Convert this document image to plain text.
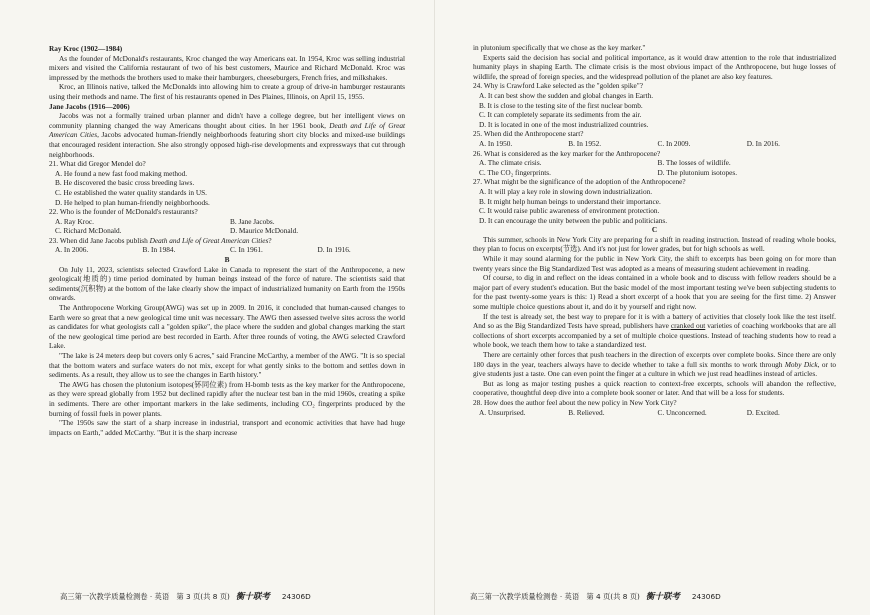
Ray Kroc (1902—1984)

As the founder of McDonald's restaurants, Kroc changed the way Americans eat. In 1954, Kroc was selling industrial mixers and visited the California restaurant of two of his best customers, Maurice and Richard McDonald. Kroc was impressed by the methods the brothers used to make their hamburgers, cheeseburgers, French fries, and milkshakes.

Kroc, an Illinois native, talked the McDonalds into allowing him to create a group of drive-in hamburger restaurants using their methods and name. The first of his restaurants opened in Des Plaines, Illinois, on April 15, 1955.

Jane Jacobs (1916—2006)

Jacobs was not a formally trained urban planner and didn't have a college degree, but her intelligent views on community planning changed the way Americans thought about cities. In her 1961 book, Death and Life of Great American Cities, Jacobs advocated human-friendly neighborhoods featuring short city blocks and mixed-use buildings that encouraged resident interaction. She also strongly opposed high-rise developments and expressways that cut through neighborhoods.

21. What did Gregor Mendel do?

A. He found a new fast food making method.

B. He discovered the basic cross breeding laws.

C. He established the water quality standards in US.

D. He helped to plan human-friendly neighborhoods.

22. Who is the founder of McDonald's restaurants?

A. Ray Kroc.	B. Jane Jacobs.
C. Richard McDonald.	D. Maurice McDonald.

23. When did Jane Jacobs publish Death and Life of Great American Cities?

A. In 2006.	B. In 1984.	C. In 1961.	D. In 1916.

B

On July 11, 2023, scientists selected Crawford Lake in Canada to represent the start of the Anthropocene, a new geological(地质的) time period dominated by human beings instead of the force of nature. The scientists said that sediments(沉积物) at the bottom of the lake clearly show the impact of industrialized humanity on Earth from the 1950s onwards.

The Anthropocene Working Group(AWG) was set up in 2009. In 2016, it concluded that human-caused changes to Earth were so great that a new geological time unit was necessary. The AWG then assessed twelve sites across the world as candidates for what geologists call a "golden spike", the place where the sudden and global changes marking the start of the new geological time period are best recorded in Earth. After three rounds of voting, the AWG selected Crawford Lake.

"The lake is 24 meters deep but covers only 6 acres," said Francine McCarthy, a member of the AWG. "It is so special that the bottom waters and surface waters do not mix, except for what gently sinks to the bottom and settles down in sediments. As a result, they allow us to see the changes in Earth history."

The AWG has chosen the plutonium isotopes(钚同位素) from H-bomb tests as the key marker for the Anthropocene, as they were spread globally from 1952 but declined rapidly after the nuclear test ban in the mid 1960s, creating a spike in sediments. There are other important markers in the lake sediments, including CO₂ fingerprints produced by the burning of fossil fuels in power plants.

"The 1950s saw the start of a sharp increase in industrial, transport and economic activities that have had huge impacts on Earth," added McCarthy. "But it is the sharp increase

高三第一次教学质量检测卷 · 英语　第 3 页(共 8 页) 衡十联考 24306D

in plutonium specifically that we chose as the key marker."

Experts said the decision has social and political importance, as it would draw attention to the role that industrialized humanity plays in shaping Earth. The climate crisis is the most obvious impact of the Anthropocene, but huge losses of wildlife, the spread of foreign species, and the widespread pollution of the planet are also key features.

24. Why is Crawford Lake selected as the "golden spike"?

A. It can best show the sudden and global changes in Earth.

B. It is close to the testing site of the first nuclear bomb.

C. It can completely separate its sediments from the air.

D. It is located in one of the most industrialized countries.

25. When did the Anthropocene start?

A. In 1950.	B. In 1952.	C. In 2009.	D. In 2016.

26. What is considered as the key marker for the Anthropocene?

A. The climate crisis.	B. The losses of wildlife.
C. The CO₂ fingerprints.	D. The plutonium isotopes.

27. What might be the significance of the adoption of the Anthropocene?

A. It will play a key role in slowing down industrialization.

B. It might help human beings to understand their importance.

C. It would raise public awareness of environment protection.

D. It can encourage the unity between the public and politicians.

C

This summer, schools in New York City are preparing for a shift in reading instruction. Instead of reading whole books, they plan to focus on excerpts(节选). And it's not just for lower grades, but for high schools as well.

While it may sound alarming for the public in New York City, the shift to excerpts has been going on for more than twenty years since the Big Standardized Test was adopted as a means of measuring student achievement in reading.

Of course, to dig in and reflect on the ideas contained in a whole book and to discuss with fellow readers should be a major part of every student's education. But the basic model of the most important testing we've been subjecting students to for the past twenty-some years is this: 1) Read a short excerpt of a hook that you are seeing for the first time. 2) Answer some multiple choice questions about it, and do it by yourself and right now.

If the test is already set, the best way to prepare for it is with a battery of activities that closely look like the test itself. And so as the Big Standardized Tests have spread, publishers have cranked out varieties of coaching workbooks that are all collections of short excerpts accompanied by a set of multiple choice questions. Instead of teaching students how to read a whole book, we teach them how to take a standardized test.

There are certainly other forces that push teachers in the direction of excerpts over complete books. Since there are only 180 days in the year, teachers always have to decide whether to take a full six months to work through Moby Dick, or to give students just a taste. One can even point the finger at a culture in which we just read headlines instead of articles.

But as long as major testing pushes a quick reaction to context-free excerpts, schools will abandon the reflective, cooperative, thoughtful deep dive into a complete book sooner or later. And that will be a loss for students.

28. How does the author feel about the new policy in New York City?

A. Unsurprised.	B. Relieved.	C. Unconcerned.	D. Excited.
高三第一次教学质量检测卷 · 英语　第 4 页(共 8 页) 衡十联考 24306D
